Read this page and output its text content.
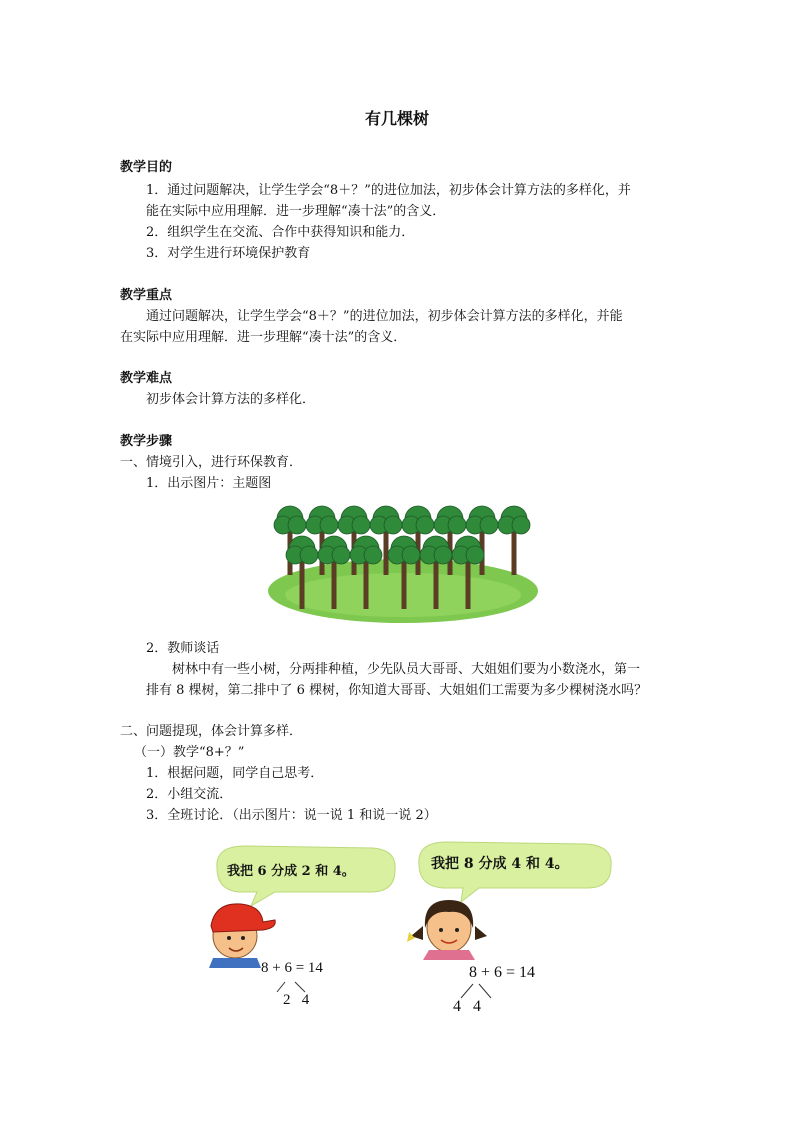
有几棵树
教学目的
1．通过问题解决，让学生学会“8＋？”的进位加法，初步体会计算方法的多样化，并
能在实际中应用理解．进一步理解“凑十法”的含义．
2．组织学生在交流、合作中获得知识和能力．
3．对学生进行环境保护教育
教学重点
通过问题解决，让学生学会“8＋？”的进位加法，初步体会计算方法的多样化，并能
在实际中应用理解．进一步理解“凑十法”的含义．
教学难点
初步体会计算方法的多样化．
教学步骤
一、情境引入，进行环保教育．
1．出示图片：主题图
2．教师谈话
树林中有一些小树，分两排种植，少先队员大哥哥、大姐姐们要为小数浇水，第一
排有 8 棵树，第二排中了 6 棵树，你知道大哥哥、大姐姐们工需要为多少棵树浇水吗？
二、问题提现，体会计算多样．
（一）教学“8+？”
1．根据问题，同学自己思考．
2．小组交流．
3．全班讨论．（出示图片：说一说 1 和说一说 2）
我把 6 分成 2 和 4。	我把 8 分成 4 和 4。
8 + 6 = 14
2   4
8 + 6 = 14
4   4
